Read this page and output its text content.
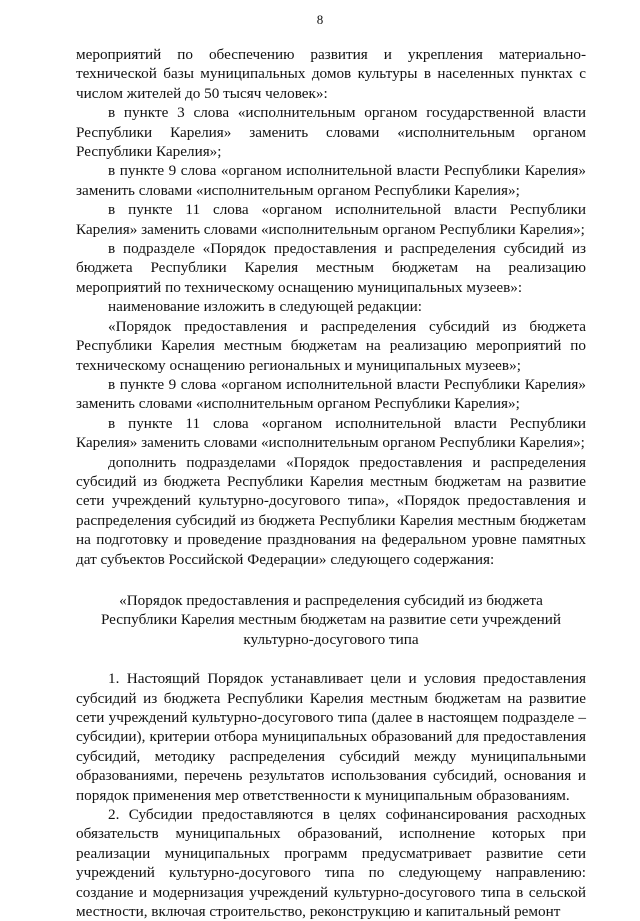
8

мероприятий по обеспечению развития и укрепления материально-технической базы муниципальных домов культуры в населенных пунктах с числом жителей до 50 тысяч человек»:

в пункте 3 слова «исполнительным органом государственной власти Республики Карелия» заменить словами «исполнительным органом Республики Карелия»;

в пункте 9 слова «органом исполнительной власти Республики Карелия» заменить словами «исполнительным органом Республики Карелия»;

в пункте 11 слова «органом исполнительной власти Республики Карелия» заменить словами «исполнительным органом Республики Карелия»;

в подразделе «Порядок предоставления и распределения субсидий из бюджета Республики Карелия местным бюджетам на реализацию мероприятий по техническому оснащению муниципальных музеев»:

наименование изложить в следующей редакции:

«Порядок предоставления и распределения субсидий из бюджета Республики Карелия местным бюджетам на реализацию мероприятий по техническому оснащению региональных и муниципальных музеев»;

в пункте 9 слова «органом исполнительной власти Республики Карелия» заменить словами «исполнительным органом Республики Карелия»;

в пункте 11 слова «органом исполнительной власти Республики Карелия» заменить словами «исполнительным органом Республики Карелия»;

дополнить подразделами «Порядок предоставления и распределения субсидий из бюджета Республики Карелия местным бюджетам на развитие сети учреждений культурно-досугового типа», «Порядок предоставления и распределения субсидий из бюджета Республики Карелия местным бюджетам на подготовку и проведение празднования на федеральном уровне памятных дат субъектов Российской Федерации» следующего содержания:

«Порядок предоставления и распределения субсидий из бюджета
Республики Карелия местным бюджетам на развитие сети учреждений
культурно-досугового типа

1. Настоящий Порядок устанавливает цели и условия предоставления субсидий из бюджета Республики Карелия местным бюджетам на развитие сети учреждений культурно-досугового типа (далее в настоящем подразделе – субсидии), критерии отбора муниципальных образований для предоставления субсидий, методику распределения субсидий между муниципальными образованиями, перечень результатов использования субсидий, основания и порядок применения мер ответственности к муниципальным образованиям.

2. Субсидии предоставляются в целях софинансирования расходных обязательств муниципальных образований, исполнение которых при реализации муниципальных программ предусматривает развитие сети учреждений культурно-досугового типа по следующему направлению: создание и модернизация учреждений культурно-досугового типа в сельской местности, включая строительство, реконструкцию и капитальный ремонт
